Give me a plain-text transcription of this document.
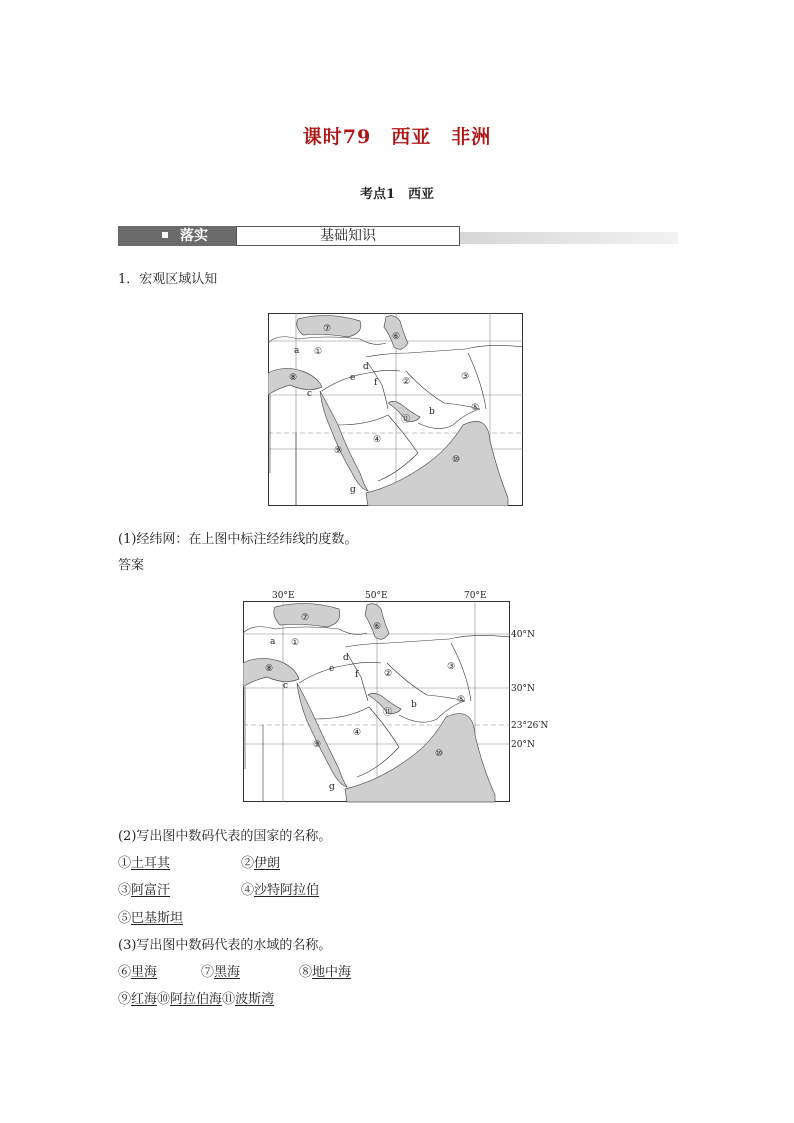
课时79　西亚　非洲
考点1　西亚
落实	基础知识
1．宏观区域认知
①
②	③
④
⑤
⑥
⑦
⑧
⑨
⑩
⑪
a
b
c
d
e f
g
(1)经纬网：在上图中标注经纬线的度数。
答案
30°E	50°E	70°E
①
②
③
④
⑤
⑥
⑦
⑧
⑨
⑩
⑪
a
b
c
d
e
f
g
40°N
30°N
23°26′N
20°N
(2)写出图中数码代表的国家的名称。
①土耳其	②伊朗
③阿富汗	④沙特阿拉伯
⑤巴基斯坦
(3)写出图中数码代表的水域的名称。
⑥里海	⑦黑海	⑧地中海
⑨红海⑩阿拉伯海⑪波斯湾
